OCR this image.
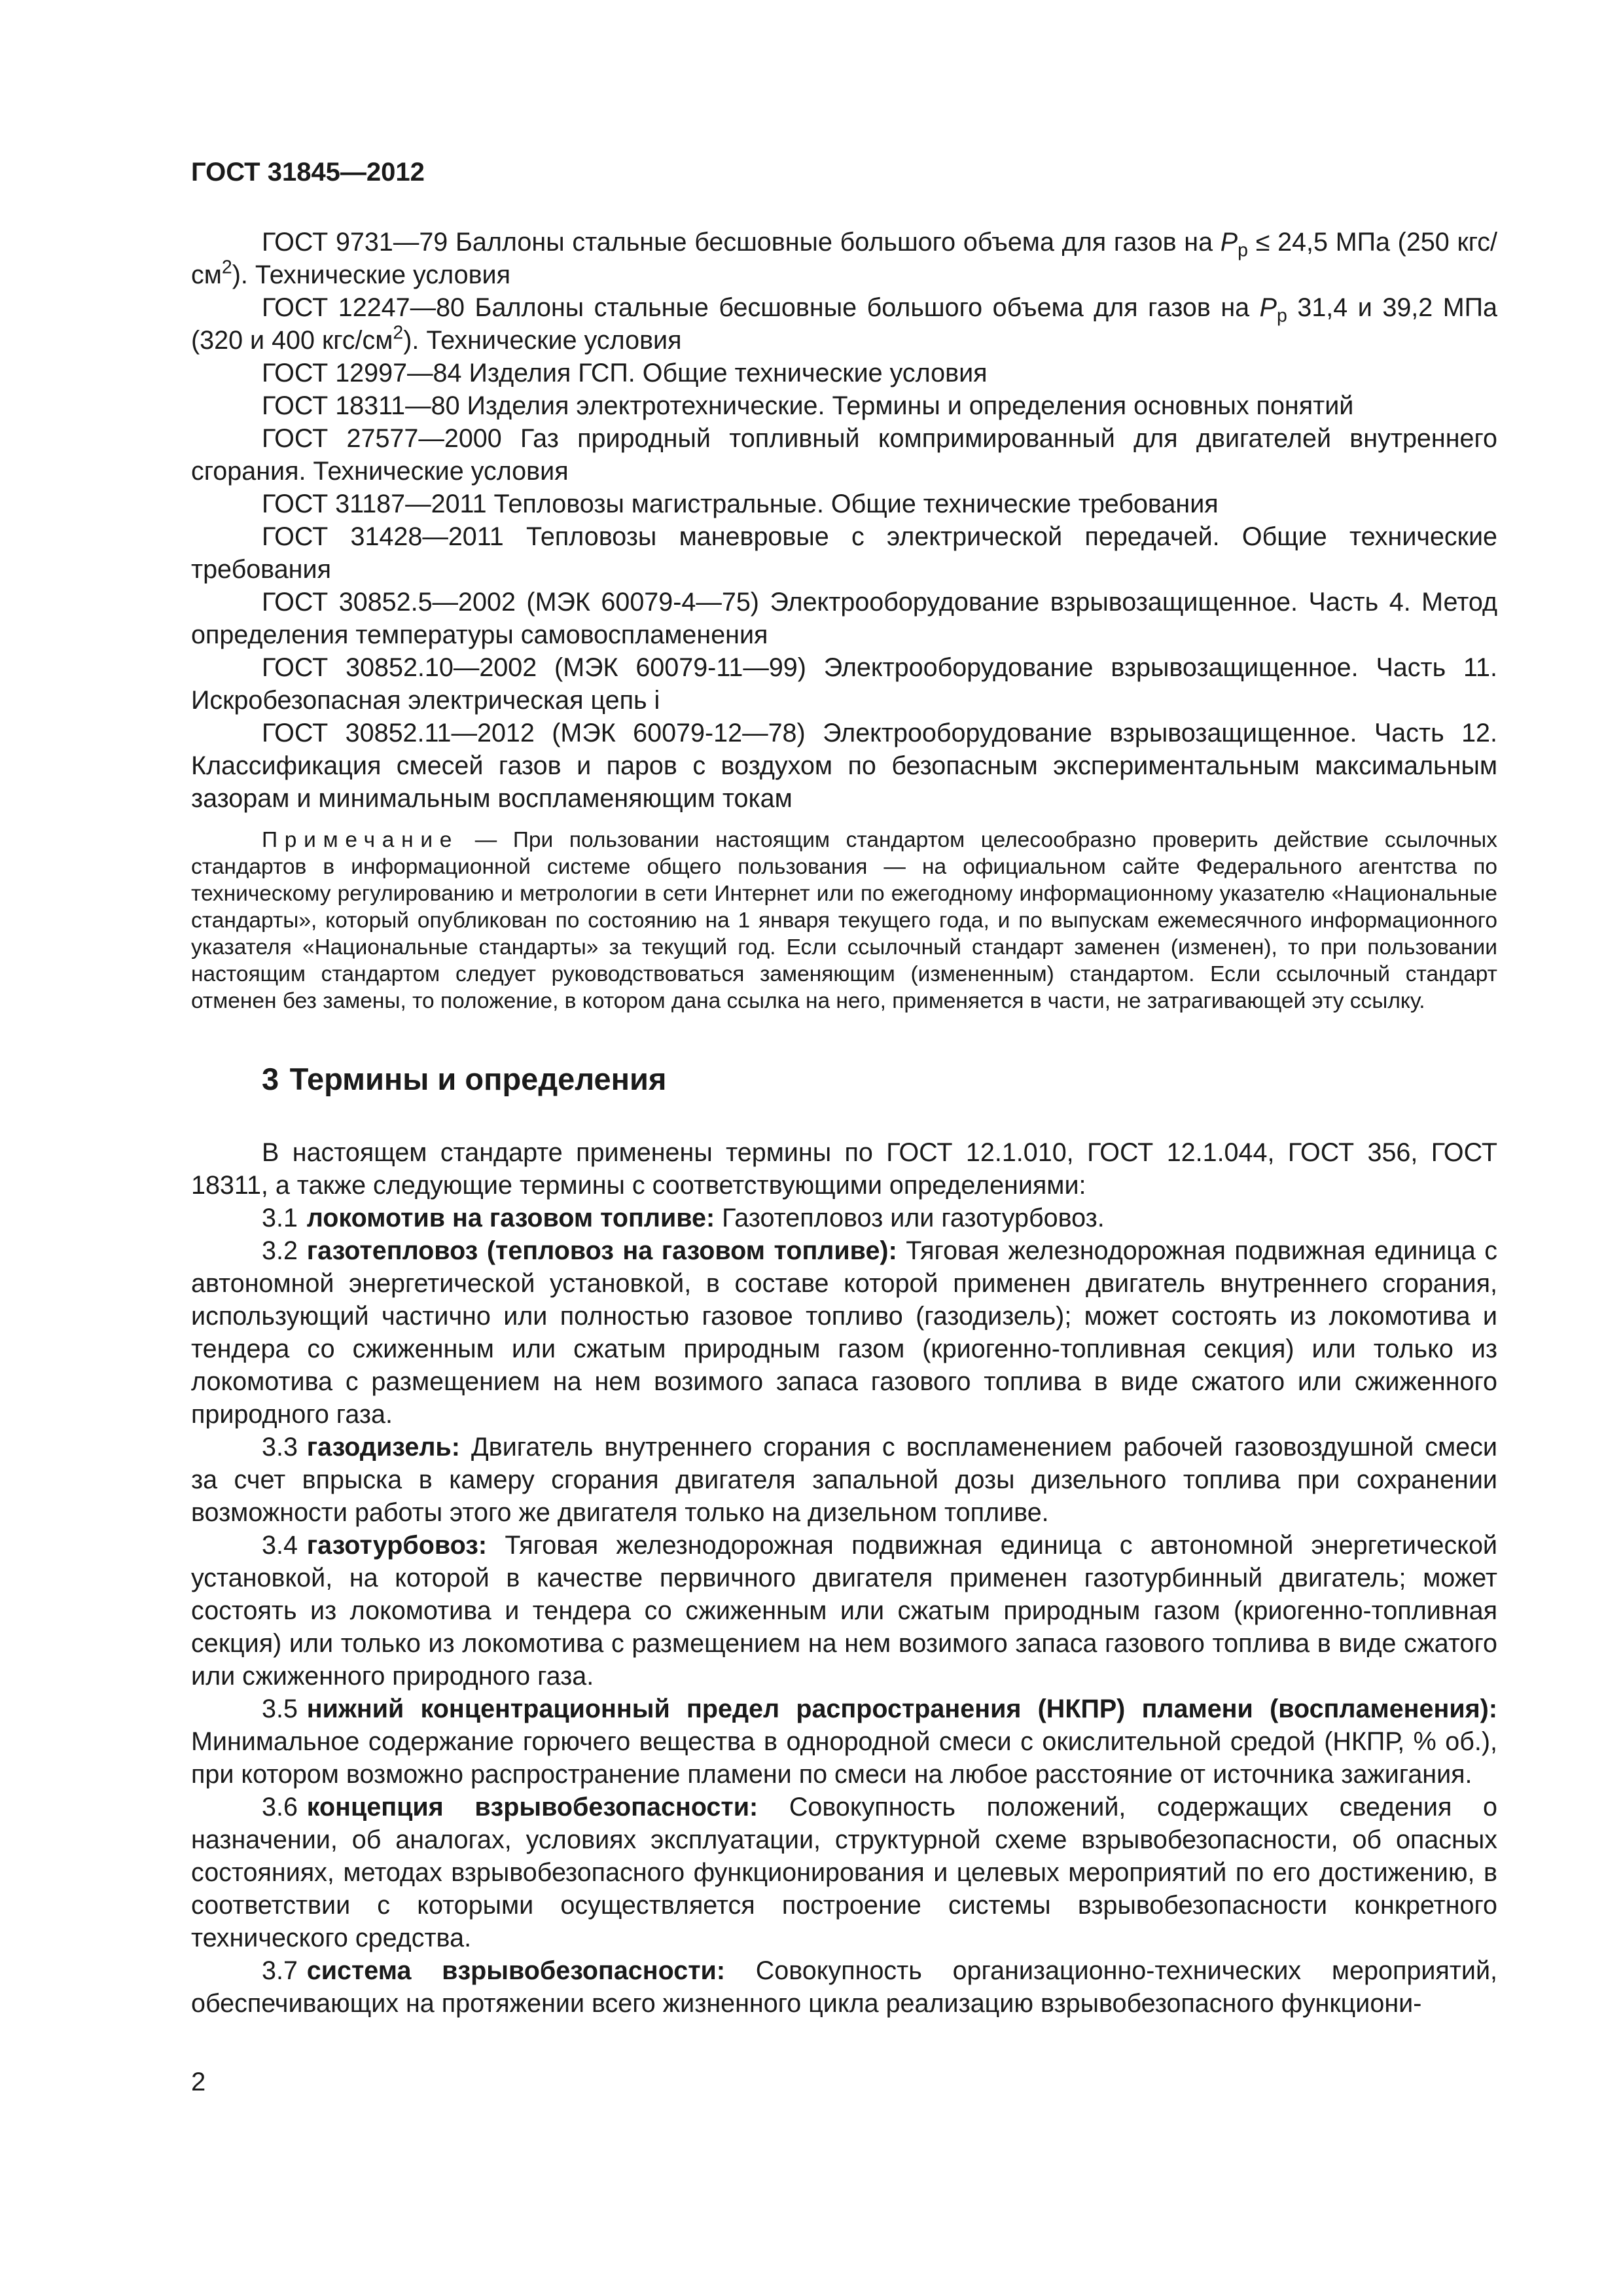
ГОСТ 31845—2012
ГОСТ 9731—79 Баллоны стальные бесшовные большого объема для газов на $P_р \le 24,5$ МПа (250 кгс/$см^2$). Технические условия
ГОСТ 12247—80 Баллоны стальные бесшовные большого объема для газов на $P_р$ 31,4 и 39,2 МПа (320 и 400 кгс/$см^2$). Технические условия
ГОСТ 12997—84 Изделия ГСП. Общие технические условия
ГОСТ 18311—80 Изделия электротехнические. Термины и определения основных понятий
ГОСТ 27577—2000 Газ природный топливный компримированный для двигателей внутреннего сгорания. Технические условия
ГОСТ 31187—2011 Тепловозы магистральные. Общие технические требования
ГОСТ 31428—2011 Тепловозы маневровые с электрической передачей. Общие технические требования
ГОСТ 30852.5—2002 (МЭК 60079-4—75) Электрооборудование взрывозащищенное. Часть 4. Метод определения температуры самовоспламенения
ГОСТ 30852.10—2002 (МЭК 60079-11—99) Электрооборудование взрывозащищенное. Часть 11. Искробезопасная электрическая цепь i
ГОСТ 30852.11—2012 (МЭК 60079-12—78) Электрооборудование взрывозащищенное. Часть 12. Классификация смесей газов и паров с воздухом по безопасным экспериментальным максимальным зазорам и минимальным воспламеняющим токам
Примечание — При пользовании настоящим стандартом целесообразно проверить действие ссылочных стандартов в информационной системе общего пользования — на официальном сайте Федерального агентства по техническому регулированию и метрологии в сети Интернет или по ежегодному информационному указателю «Национальные стандарты», который опубликован по состоянию на 1 января текущего года, и по выпускам ежемесячного информационного указателя «Национальные стандарты» за текущий год. Если ссылочный стандарт заменен (изменен), то при пользовании настоящим стандартом следует руководствоваться заменяющим (измененным) стандартом. Если ссылочный стандарт отменен без замены, то положение, в котором дана ссылка на него, применяется в части, не затрагивающей эту ссылку.
3 Термины и определения
В настоящем стандарте применены термины по ГОСТ 12.1.010, ГОСТ 12.1.044, ГОСТ 356, ГОСТ 18311, а также следующие термины с соответствующими определениями:
3.1 локомотив на газовом топливе: Газотепловоз или газотурбовоз.
3.2 газотепловоз (тепловоз на газовом топливе): Тяговая железнодорожная подвижная единица с автономной энергетической установкой, в составе которой применен двигатель внутреннего сгорания, использующий частично или полностью газовое топливо (газодизель); может состоять из локомотива и тендера со сжиженным или сжатым природным газом (криогенно-топливная секция) или только из локомотива с размещением на нем возимого запаса газового топлива в виде сжатого или сжиженного природного газа.
3.3 газодизель: Двигатель внутреннего сгорания с воспламенением рабочей газовоздушной смеси за счет впрыска в камеру сгорания двигателя запальной дозы дизельного топлива при сохранении возможности работы этого же двигателя только на дизельном топливе.
3.4 газотурбовоз: Тяговая железнодорожная подвижная единица с автономной энергетической установкой, на которой в качестве первичного двигателя применен газотурбинный двигатель; может состоять из локомотива и тендера со сжиженным или сжатым природным газом (криогенно-топливная секция) или только из локомотива с размещением на нем возимого запаса газового топлива в виде сжатого или сжиженного природного газа.
3.5 нижний концентрационный предел распространения (НКПР) пламени (воспламенения): Минимальное содержание горючего вещества в однородной смеси с окислительной средой (НКПР, % об.), при котором возможно распространение пламени по смеси на любое расстояние от источника зажигания.
3.6 концепция взрывобезопасности: Совокупность положений, содержащих сведения о назначении, об аналогах, условиях эксплуатации, структурной схеме взрывобезопасности, об опасных состояниях, методах взрывобезопасного функционирования и целевых мероприятий по его достижению, в соответствии с которыми осуществляется построение системы взрывобезопасности конкретного технического средства.
3.7 система взрывобезопасности: Совокупность организационно-технических мероприятий, обеспечивающих на протяжении всего жизненного цикла реализацию взрывобезопасного функциони-
2
